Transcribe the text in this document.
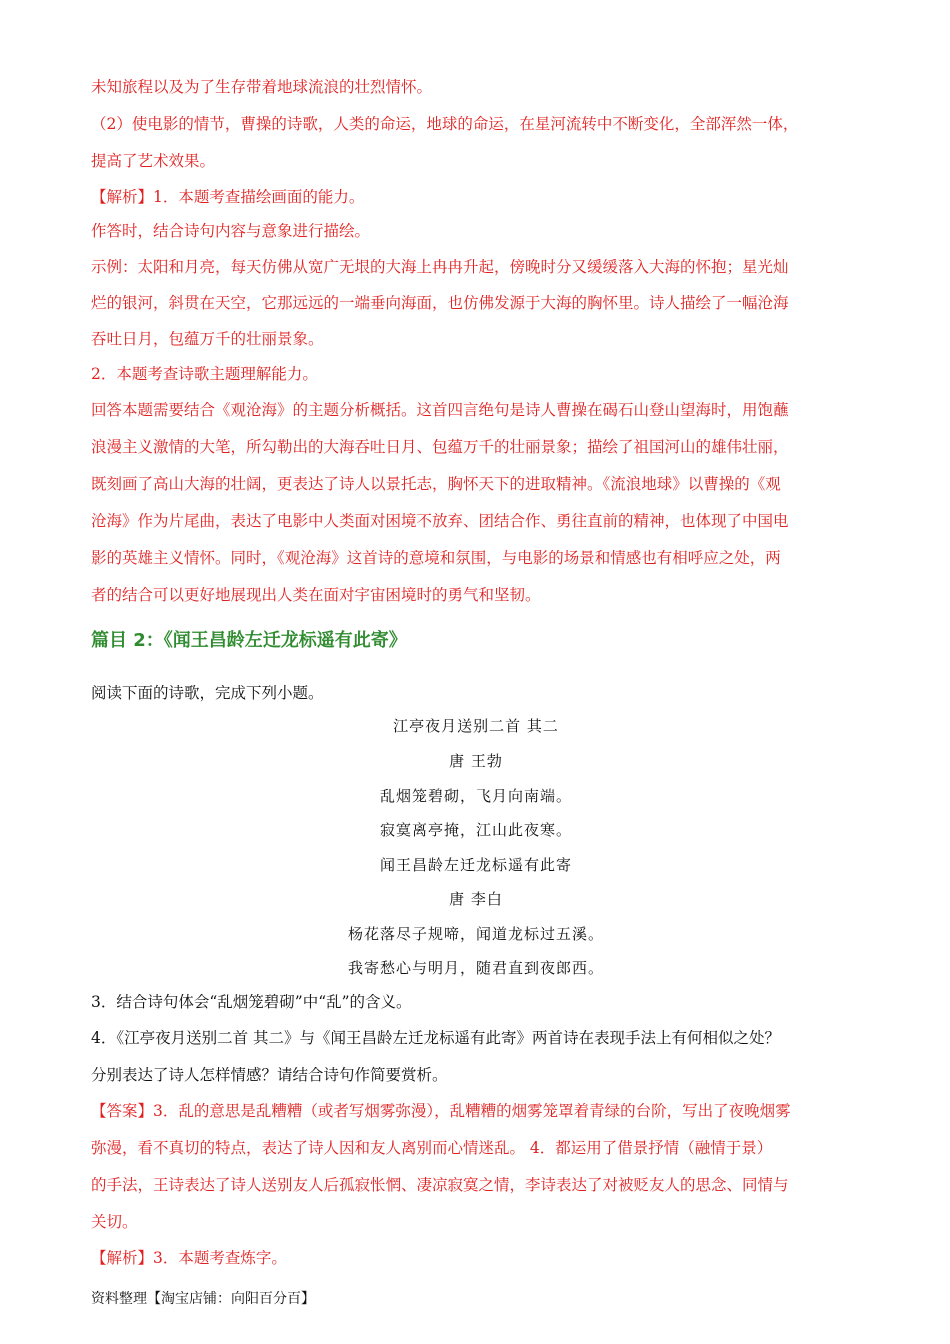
未知旅程以及为了生存带着地球流浪的壮烈情怀。
（2）使电影的情节，曹操的诗歌，人类的命运，地球的命运，在星河流转中不断变化，全部浑然一体，
提高了艺术效果。
【解析】1．本题考查描绘画面的能力。
作答时，结合诗句内容与意象进行描绘。
示例：太阳和月亮，每天仿佛从宽广无垠的大海上冉冉升起，傍晚时分又缓缓落入大海的怀抱；星光灿
烂的银河，斜贯在天空，它那远远的一端垂向海面，也仿佛发源于大海的胸怀里。诗人描绘了一幅沧海
吞吐日月，包蕴万千的壮丽景象。
2．本题考查诗歌主题理解能力。
回答本题需要结合《观沧海》的主题分析概括。这首四言绝句是诗人曹操在碣石山登山望海时，用饱蘸
浪漫主义激情的大笔，所勾勒出的大海吞吐日月、包蕴万千的壮丽景象；描绘了祖国河山的雄伟壮丽，
既刻画了高山大海的壮阔，更表达了诗人以景托志，胸怀天下的进取精神。《流浪地球》以曹操的《观
沧海》作为片尾曲，表达了电影中人类面对困境不放弃、团结合作、勇往直前的精神，也体现了中国电
影的英雄主义情怀。同时，《观沧海》这首诗的意境和氛围，与电影的场景和情感也有相呼应之处，两
者的结合可以更好地展现出人类在面对宇宙困境时的勇气和坚韧。
篇目 2：《闻王昌龄左迁龙标遥有此寄》
阅读下面的诗歌，完成下列小题。
江亭夜月送别二首 其二
唐 王勃
乱烟笼碧砌，飞月向南端。
寂寞离亭掩，江山此夜寒。
闻王昌龄左迁龙标遥有此寄
唐 李白
杨花落尽子规啼，闻道龙标过五溪。
我寄愁心与明月，随君直到夜郎西。
3．结合诗句体会“乱烟笼碧砌”中“乱”的含义。
4．《江亭夜月送别二首 其二》与《闻王昌龄左迁龙标遥有此寄》两首诗在表现手法上有何相似之处？
分别表达了诗人怎样情感？请结合诗句作简要赏析。
【答案】3．乱的意思是乱糟糟（或者写烟雾弥漫），乱糟糟的烟雾笼罩着青绿的台阶，写出了夜晚烟雾
弥漫，看不真切的特点，表达了诗人因和友人离别而心情迷乱。 4．都运用了借景抒情（融情于景）
的手法，王诗表达了诗人送别友人后孤寂怅惘、凄凉寂寞之情，李诗表达了对被贬友人的思念、同情与
关切。
【解析】3．本题考查炼字。
资料整理【淘宝店铺：向阳百分百】
